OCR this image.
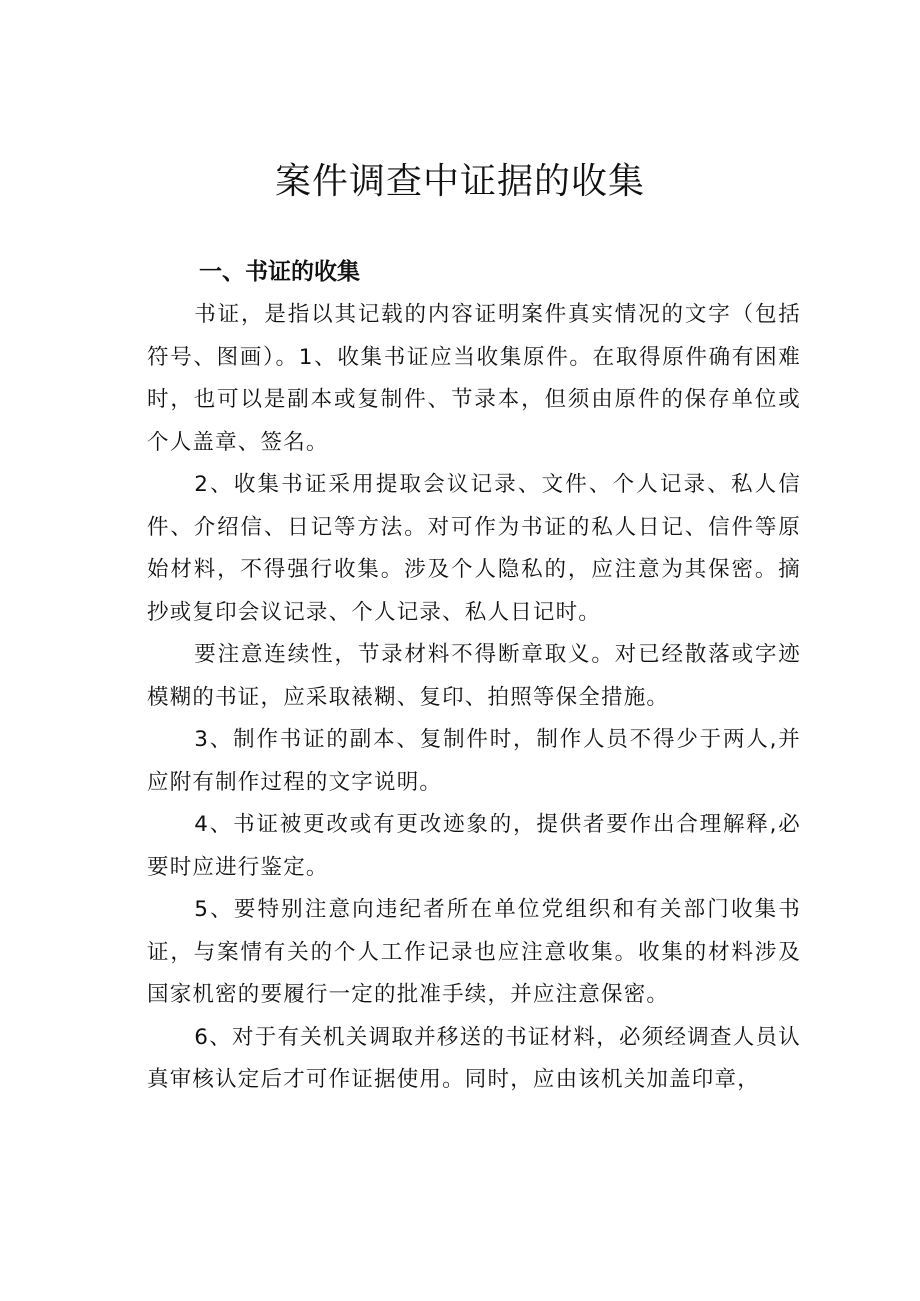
案件调查中证据的收集
一、书证的收集

书证，是指以其记载的内容证明案件真实情况的文字（包括符号、图画）。1、收集书证应当收集原件。在取得原件确有困难时，也可以是副本或复制件、节录本，但须由原件的保存单位或个人盖章、签名。

2、收集书证采用提取会议记录、文件、个人记录、私人信件、介绍信、日记等方法。对可作为书证的私人日记、信件等原始材料，不得强行收集。涉及个人隐私的，应注意为其保密。摘抄或复印会议记录、个人记录、私人日记时。

要注意连续性，节录材料不得断章取义。对已经散落或字迹模糊的书证，应采取裱糊、复印、拍照等保全措施。

3、制作书证的副本、复制件时，制作人员不得少于两人,并应附有制作过程的文字说明。

4、书证被更改或有更改迹象的，提供者要作出合理解释,必要时应进行鉴定。

5、要特别注意向违纪者所在单位党组织和有关部门收集书证，与案情有关的个人工作记录也应注意收集。收集的材料涉及国家机密的要履行一定的批准手续，并应注意保密。

6、对于有关机关调取并移送的书证材料，必须经调查人员认真审核认定后才可作证据使用。同时，应由该机关加盖印章，
